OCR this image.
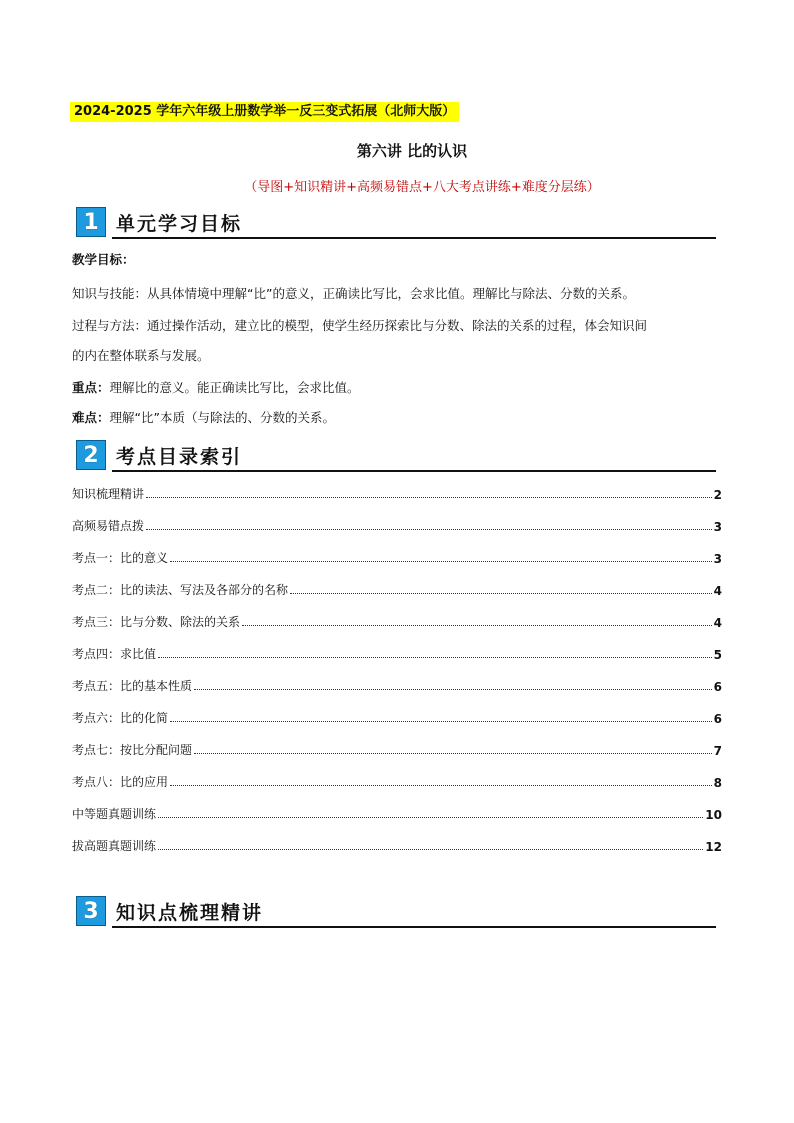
2024-2025 学年六年级上册数学举一反三变式拓展（北师大版）
第六讲 比的认识
（导图+知识精讲+高频易错点+八大考点讲练+难度分层练）
1 单元学习目标
教学目标：
知识与技能：从具体情境中理解“比”的意义，正确读比写比，会求比值。理解比与除法、分数的关系。
过程与方法：通过操作活动，建立比的模型，使学生经历探索比与分数、除法的关系的过程，体会知识间
的内在整体联系与发展。
重点：理解比的意义。能正确读比写比，会求比值。
难点：理解“比”本质（与除法的、分数的关系。
2 考点目录索引
知识梳理精讲	2
高频易错点拨	3
考点一：比的意义	3
考点二：比的读法、写法及各部分的名称	4
考点三：比与分数、除法的关系	4
考点四：求比值	5
考点五：比的基本性质	6
考点六：比的化简	6
考点七：按比分配问题	7
考点八：比的应用	8
中等题真题训练	10
拔高题真题训练	12
3 知识点梳理精讲
